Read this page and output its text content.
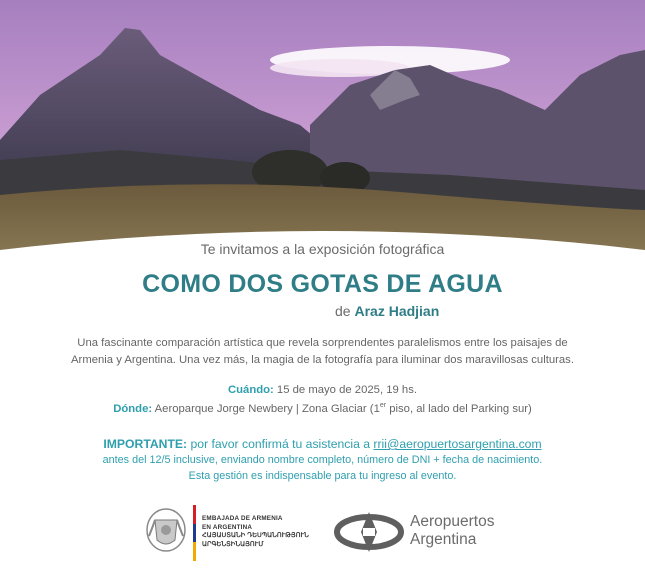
Te invitamos a la exposición fotográfica
COMO DOS GOTAS DE AGUA
de Araz Hadjian
Una fascinante comparación artística que revela sorprendentes paralelismos entre los paisajes de
Armenia y Argentina. Una vez más, la magia de la fotografía para iluminar dos maravillosas culturas.
Cuándo: 15 de mayo de 2025, 19 hs.
Dónde: Aeroparque Jorge Newbery | Zona Glaciar (1er piso, al lado del Parking sur)
IMPORTANTE: por favor confirmá tu asistencia a rrii@aeropuertosargentina.com
antes del 12/5 inclusive, enviando nombre completo, número de DNI + fecha de nacimiento.
Esta gestión es indispensable para tu ingreso al evento.
EMBAJADA DE ARMENIA
EN ARGENTINA
ՀԱՅԱՍՏԱՆԻ ԴԵՍՊԱՆՈՒԹՅՈՒՆ
ԱՐԳԵՆՏԻՆԱՅՈՒՄ
Aeropuertos
Argentina
